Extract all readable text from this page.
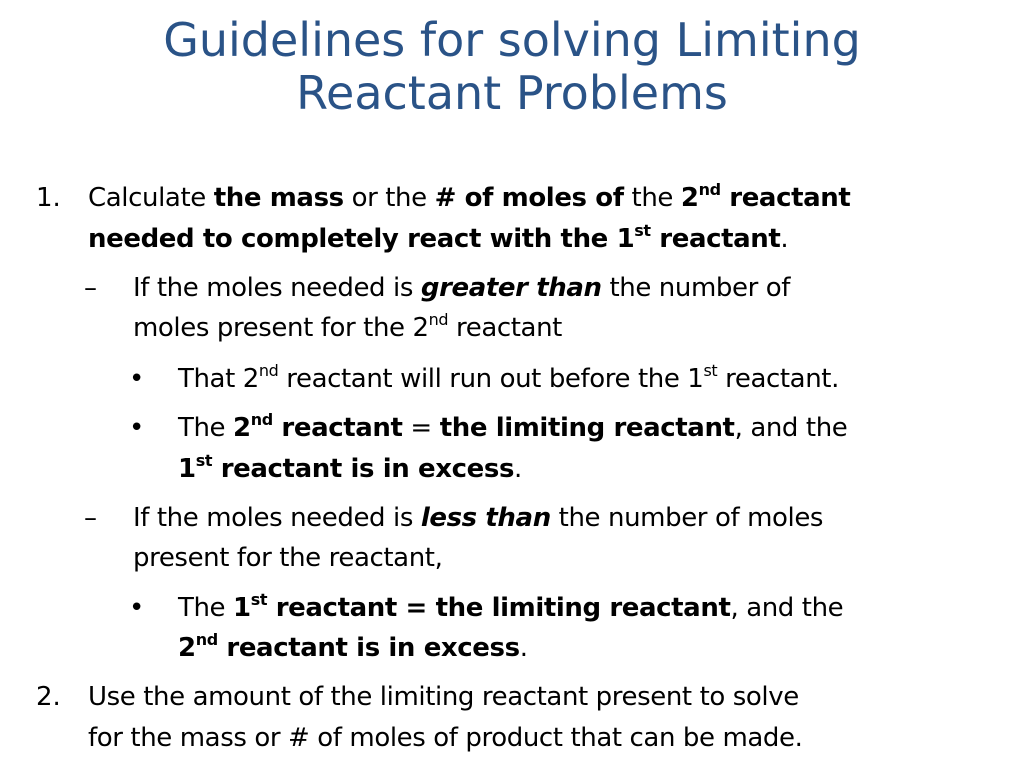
Guidelines for solving Limiting
Reactant Problems
1. Calculate the mass or the # of moles of the 2nd reactant
needed to completely react with the 1st reactant.
– If the moles needed is greater than the number of
moles present for the 2nd reactant
• That 2nd reactant will run out before the 1st reactant.
• The 2nd reactant = the limiting reactant, and the
1st reactant is in excess.
– If the moles needed is less than the number of moles
present for the reactant,
• The 1st reactant = the limiting reactant, and the
2nd reactant is in excess.
2. Use the amount of the limiting reactant present to solve
for the mass or # of moles of product that can be made.
